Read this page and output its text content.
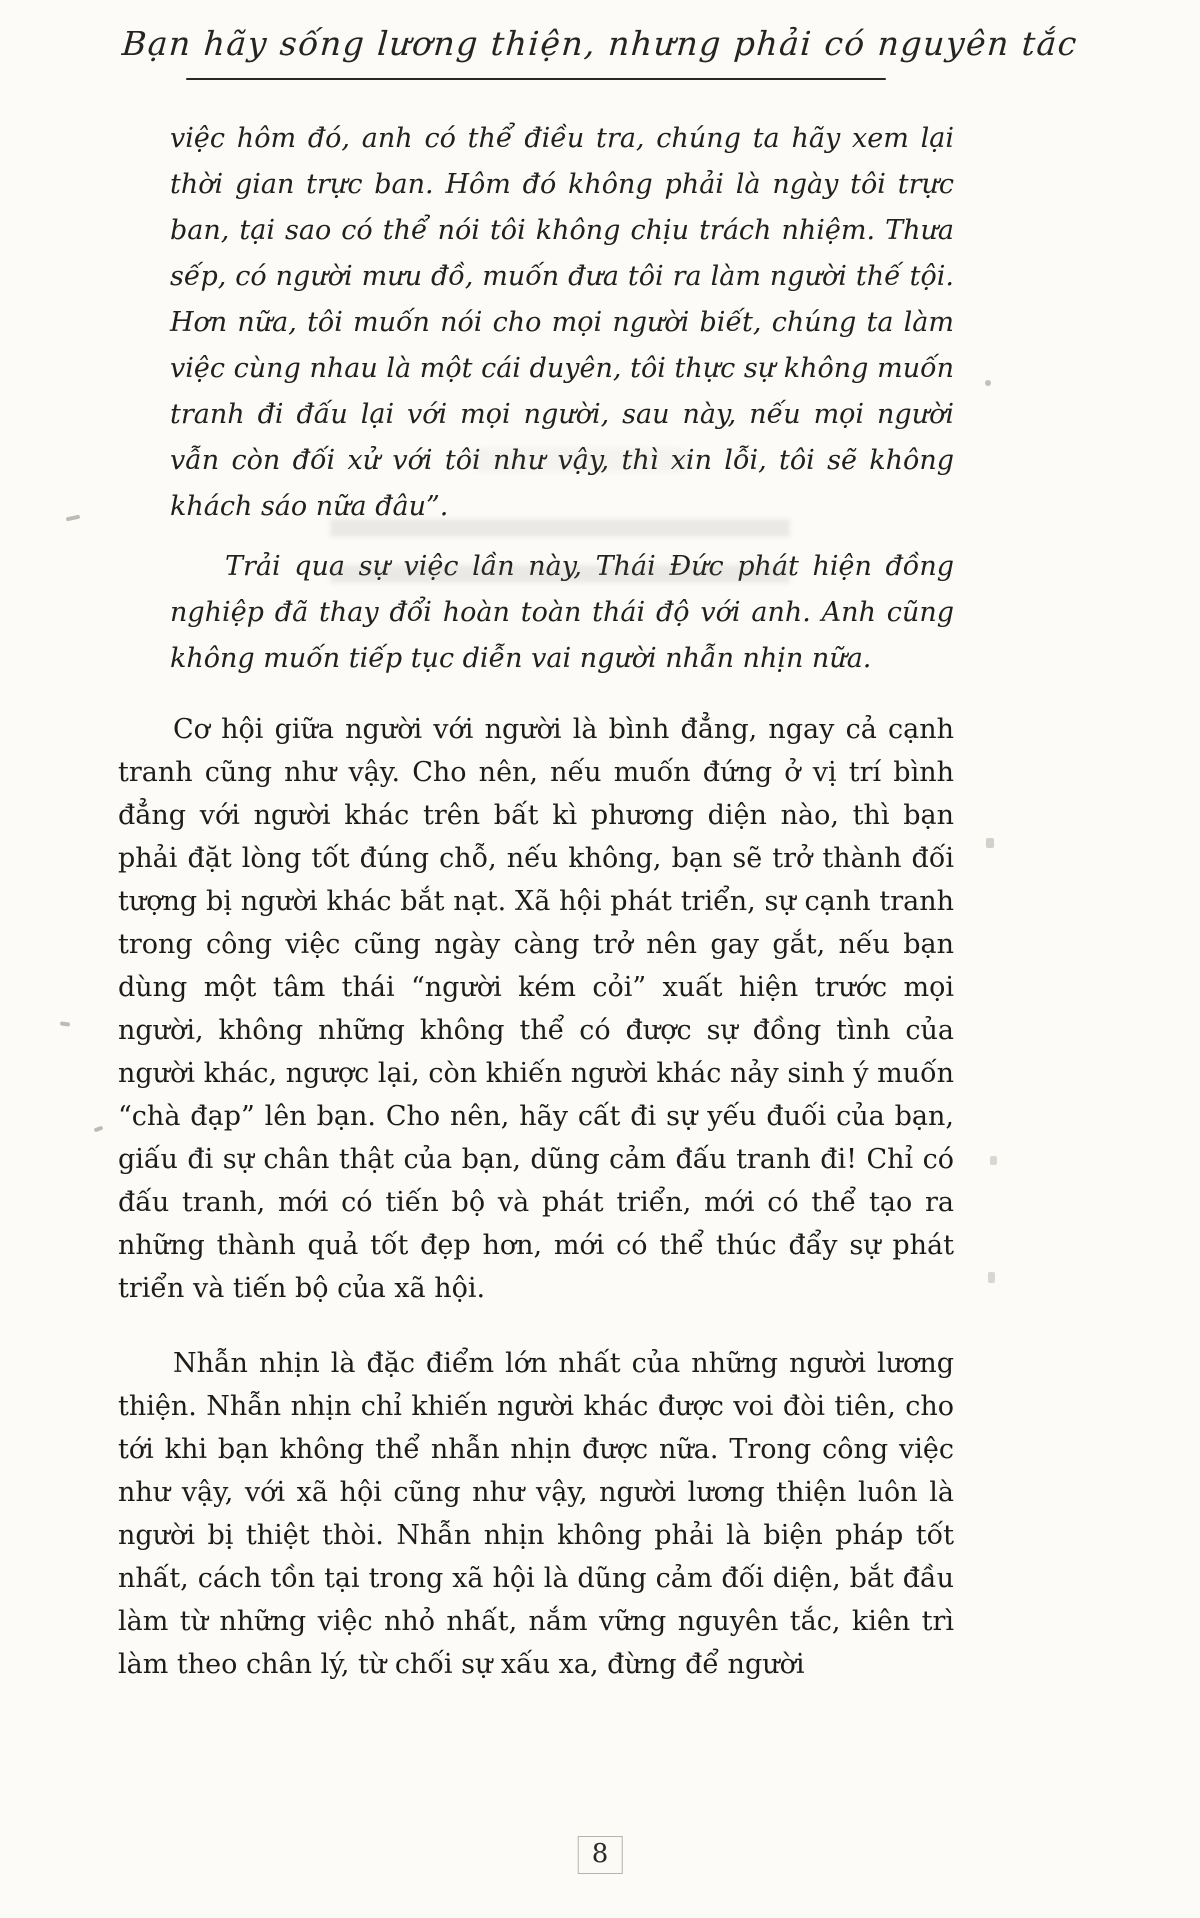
Bạn hãy sống lương thiện, nhưng phải có nguyên tắc

việc hôm đó, anh có thể điều tra, chúng ta hãy xem lại thời gian trực ban. Hôm đó không phải là ngày tôi trực ban, tại sao có thể nói tôi không chịu trách nhiệm. Thưa sếp, có người mưu đồ, muốn đưa tôi ra làm người thế tội. Hơn nữa, tôi muốn nói cho mọi người biết, chúng ta làm việc cùng nhau là một cái duyên, tôi thực sự không muốn tranh đi đấu lại với mọi người, sau này, nếu mọi người vẫn còn đối xử với tôi như vậy, thì xin lỗi, tôi sẽ không khách sáo nữa đâu”.

Trải qua sự việc lần này, Thái Đức phát hiện đồng nghiệp đã thay đổi hoàn toàn thái độ với anh. Anh cũng không muốn tiếp tục diễn vai người nhẫn nhịn nữa.

Cơ hội giữa người với người là bình đẳng, ngay cả cạnh tranh cũng như vậy. Cho nên, nếu muốn đứng ở vị trí bình đẳng với người khác trên bất kì phương diện nào, thì bạn phải đặt lòng tốt đúng chỗ, nếu không, bạn sẽ trở thành đối tượng bị người khác bắt nạt. Xã hội phát triển, sự cạnh tranh trong công việc cũng ngày càng trở nên gay gắt, nếu bạn dùng một tâm thái “người kém cỏi” xuất hiện trước mọi người, không những không thể có được sự đồng tình của người khác, ngược lại, còn khiến người khác nảy sinh ý muốn “chà đạp” lên bạn. Cho nên, hãy cất đi sự yếu đuối của bạn, giấu đi sự chân thật của bạn, dũng cảm đấu tranh đi! Chỉ có đấu tranh, mới có tiến bộ và phát triển, mới có thể tạo ra những thành quả tốt đẹp hơn, mới có thể thúc đẩy sự phát triển và tiến bộ của xã hội.

Nhẫn nhịn là đặc điểm lớn nhất của những người lương thiện. Nhẫn nhịn chỉ khiến người khác được voi đòi tiên, cho tới khi bạn không thể nhẫn nhịn được nữa. Trong công việc như vậy, với xã hội cũng như vậy, người lương thiện luôn là người bị thiệt thòi. Nhẫn nhịn không phải là biện pháp tốt nhất, cách tồn tại trong xã hội là dũng cảm đối diện, bắt đầu làm từ những việc nhỏ nhất, nắm vững nguyên tắc, kiên trì làm theo chân lý, từ chối sự xấu xa, đừng để người

8
